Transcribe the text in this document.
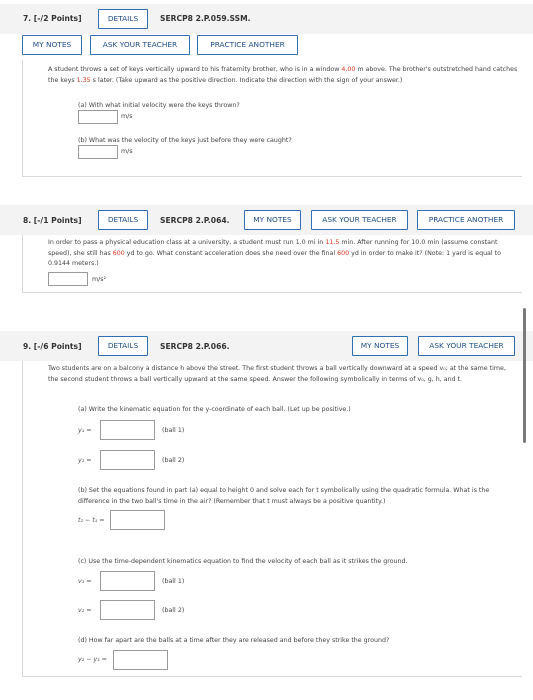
7. [-/2 Points]	DETAILS	SERCP8 2.P.059.SSM.
MY NOTES	ASK YOUR TEACHER	PRACTICE ANOTHER
A student throws a set of keys vertically upward to his fraternity brother, who is in a window 4.00 m above. The brother's outstretched hand catches the keys 1.35 s later. (Take upward as the positive direction. Indicate the direction with the sign of your answer.)
(a) With what initial velocity were the keys thrown?
m/s
(b) What was the velocity of the keys just before they were caught?
m/s
8. [-/1 Points]	DETAILS	SERCP8 2.P.064.	MY NOTES	ASK YOUR TEACHER	PRACTICE ANOTHER
In order to pass a physical education class at a university, a student must run 1.0 mi in 11.5 min. After running for 10.0 min (assume constant speed), she still has 600 yd to go. What constant acceleration does she need over the final 600 yd in order to make it? (Note: 1 yard is equal to 0.9144 meters.)
m/s²
9. [-/6 Points]	DETAILS	SERCP8 2.P.066.	MY NOTES	ASK YOUR TEACHER
Two students are on a balcony a distance h above the street. The first student throws a ball vertically downward at a speed v₀; at the same time, the second student throws a ball vertically upward at the same speed. Answer the following symbolically in terms of v₀, g, h, and t.
(a) Write the kinematic equation for the y-coordinate of each ball. (Let up be positive.)
y₁ =	(ball 1)
y₂ =	(ball 2)
(b) Set the equations found in part (a) equal to height 0 and solve each for t symbolically using the quadratic formula. What is the difference in the two ball's time in the air? (Remember that t must always be a positive quantity.)
t₂ − t₁ =
(c) Use the time-dependent kinematics equation to find the velocity of each ball as it strikes the ground.
v₁ =	(ball 1)
v₂ =	(ball 2)
(d) How far apart are the balls at a time after they are released and before they strike the ground?
y₂ − y₁ =
